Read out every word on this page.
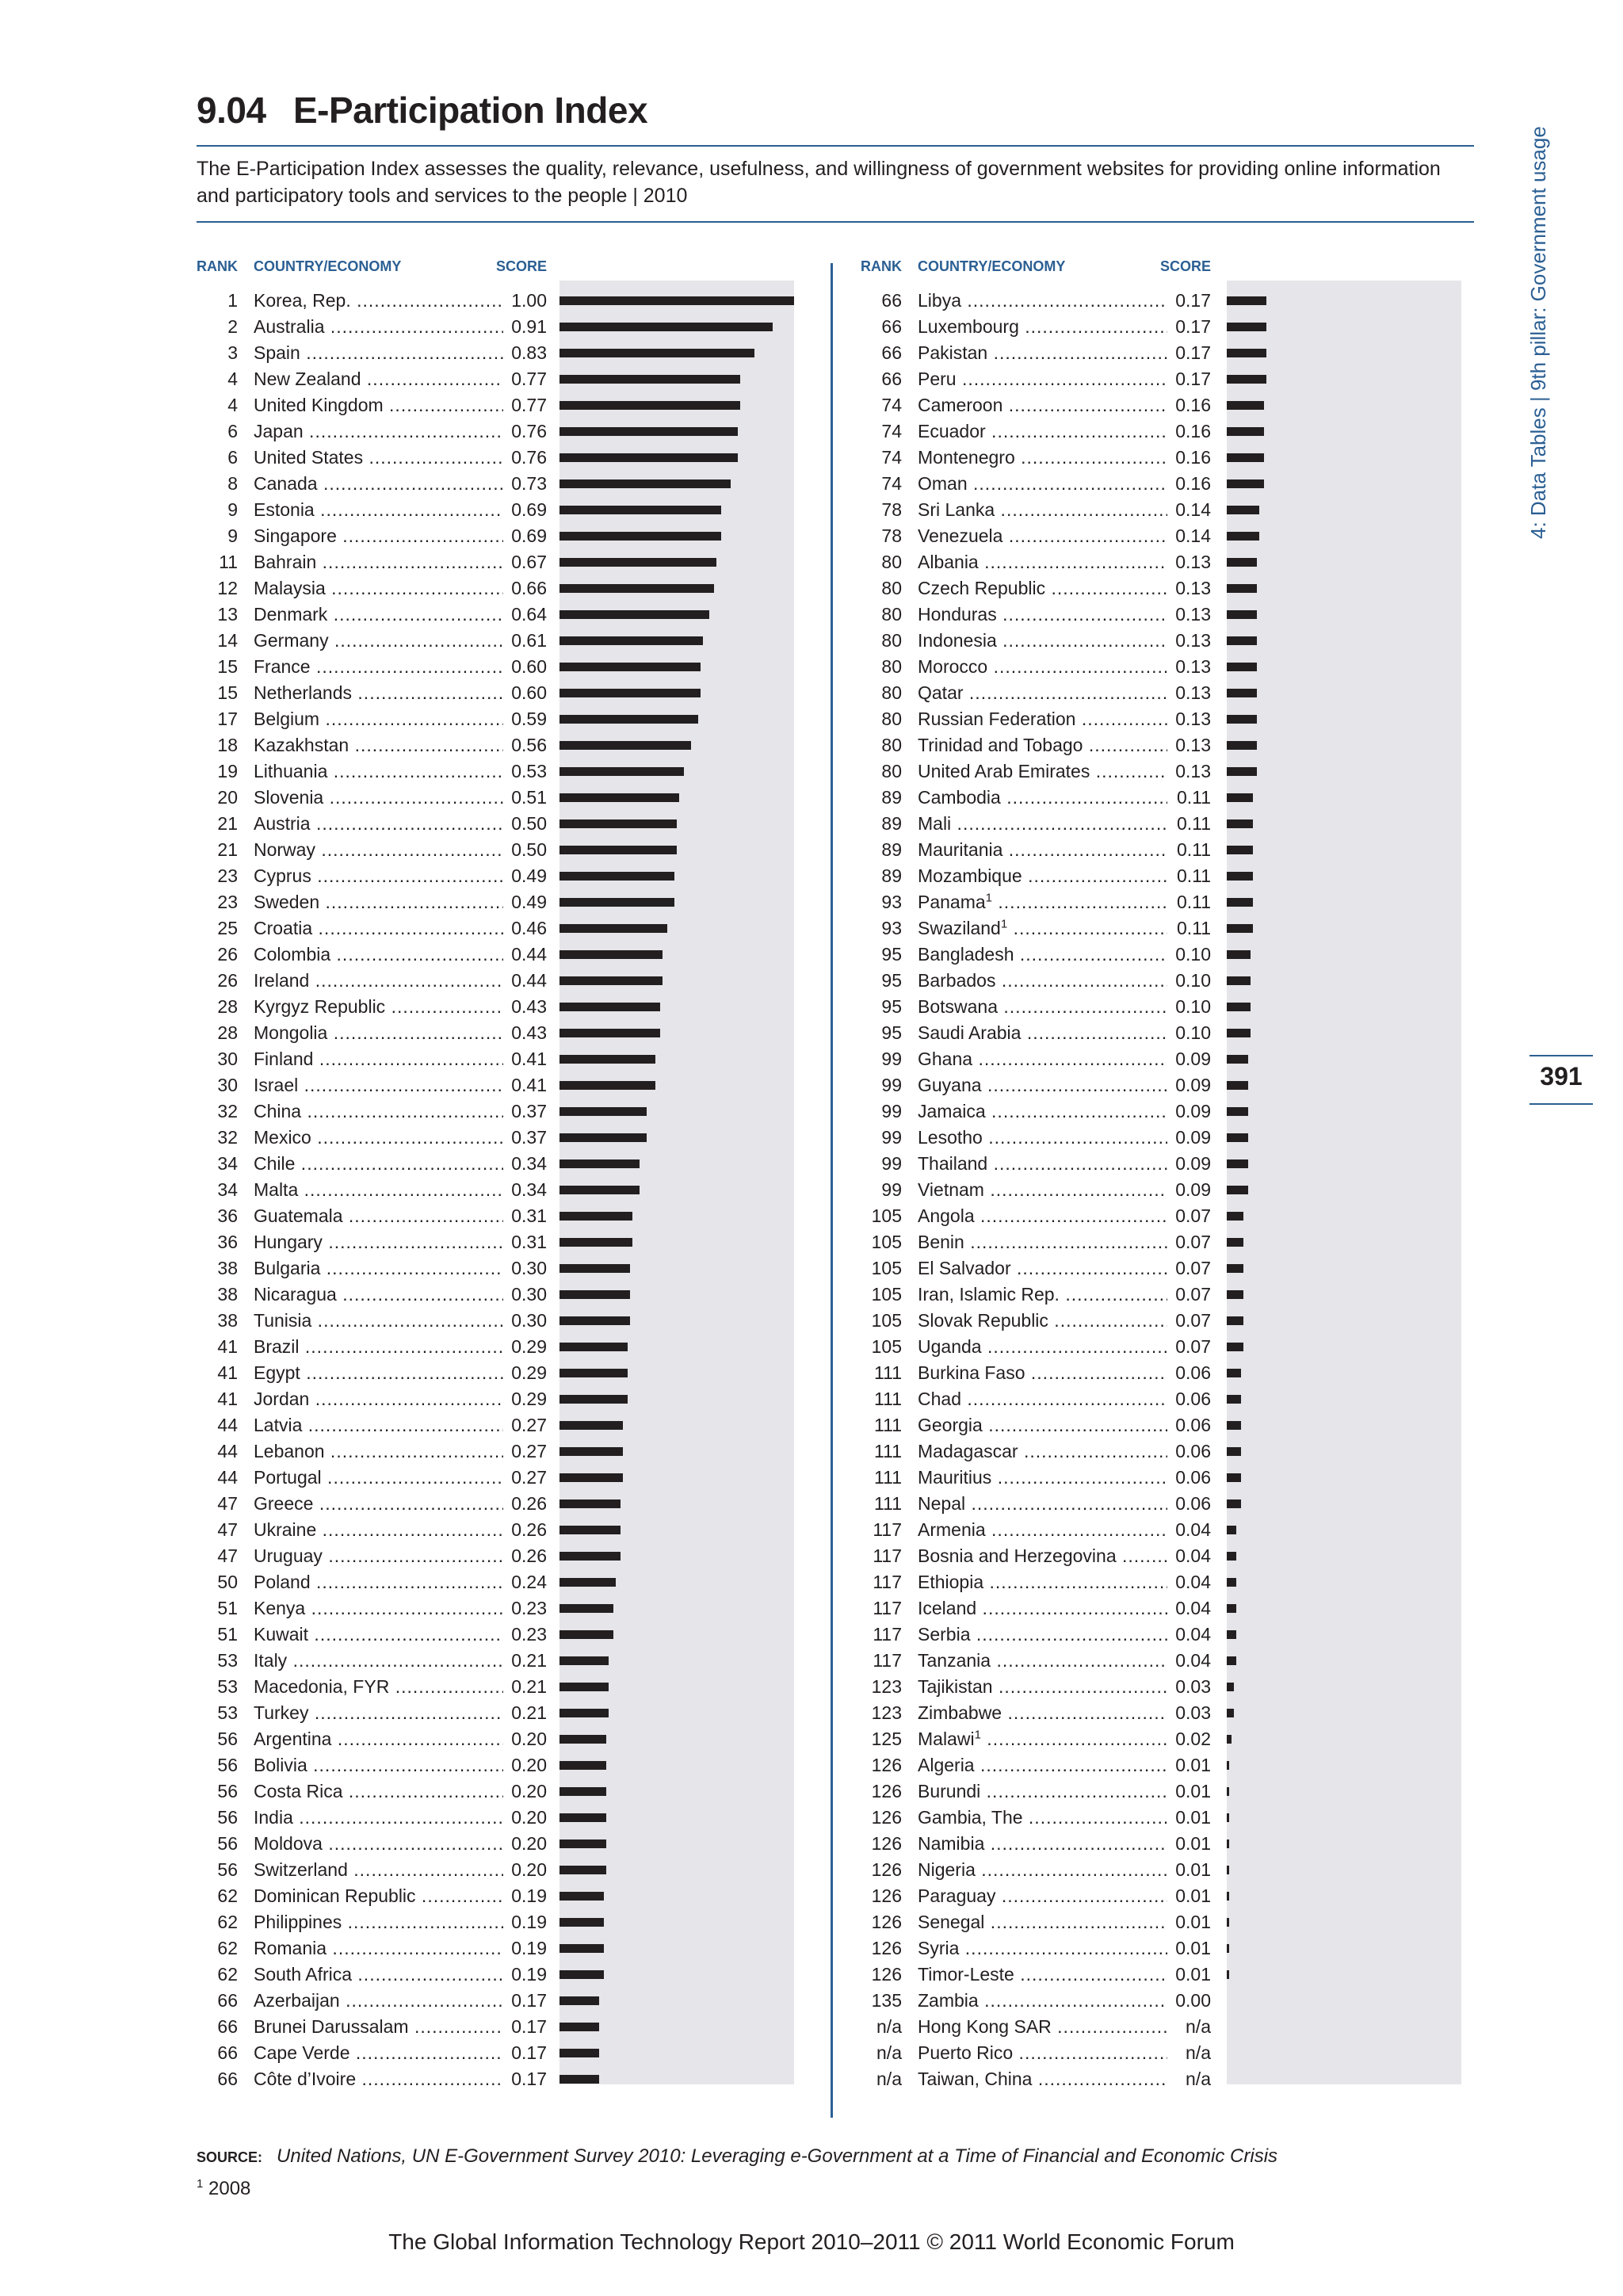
9.04 E-Participation Index

The E-Participation Index assesses the quality, relevance, usefulness, and willingness of government websites for providing online information and participatory tools and services to the people | 2010

RANK COUNTRY/ECONOMY	SCORE
1 Korea, Rep. .....	1.00
2 Australia .....	0.91
3 Spain .....	0.83
4 New Zealand .....	0.77
4 United Kingdom .....	0.77
6 Japan .....	0.76
6 United States .....	0.76
8 Canada .....	0.73
9 Estonia .....	0.69
9 Singapore .....	0.69
11 Bahrain .....	0.67
12 Malaysia .....	0.66
13 Denmark .....	0.64
14 Germany .....	0.61
15 France .....	0.60
15 Netherlands .....	0.60
17 Belgium .....	0.59
18 Kazakhstan .....	0.56
19 Lithuania .....	0.53
20 Slovenia .....	0.51
21 Austria .....	0.50
21 Norway .....	0.50
23 Cyprus .....	0.49
23 Sweden .....	0.49
25 Croatia .....	0.46
26 Colombia .....	0.44
26 Ireland .....	0.44
28 Kyrgyz Republic .....	0.43
28 Mongolia .....	0.43
30 Finland .....	0.41
30 Israel .....	0.41
32 China .....	0.37
32 Mexico .....	0.37
34 Chile .....	0.34
34 Malta .....	0.34
36 Guatemala .....	0.31
36 Hungary .....	0.31
38 Bulgaria .....	0.30
38 Nicaragua .....	0.30
38 Tunisia .....	0.30
41 Brazil .....	0.29
41 Egypt .....	0.29
41 Jordan .....	0.29
44 Latvia .....	0.27
44 Lebanon .....	0.27
44 Portugal .....	0.27
47 Greece .....	0.26
47 Ukraine .....	0.26
47 Uruguay .....	0.26
50 Poland .....	0.24
51 Kenya .....	0.23
51 Kuwait .....	0.23
53 Italy .....	0.21
53 Macedonia, FYR .....	0.21
53 Turkey .....	0.21
56 Argentina .....	0.20
56 Bolivia .....	0.20
56 Costa Rica .....	0.20
56 India .....	0.20
56 Moldova .....	0.20
56 Switzerland .....	0.20
62 Dominican Republic .....	0.19
62 Philippines .....	0.19
62 Romania .....	0.19
62 South Africa .....	0.19
66 Azerbaijan .....	0.17
66 Brunei Darussalam .....	0.17
66 Cape Verde .....	0.17
66 Côte d’Ivoire .....	0.17
RANK COUNTRY/ECONOMY	SCORE
66 Libya .....	0.17
66 Luxembourg .....	0.17
66 Pakistan .....	0.17
66 Peru .....	0.17
74 Cameroon .....	0.16
74 Ecuador .....	0.16
74 Montenegro .....	0.16
74 Oman .....	0.16
78 Sri Lanka .....	0.14
78 Venezuela .....	0.14
80 Albania .....	0.13
80 Czech Republic .....	0.13
80 Honduras .....	0.13
80 Indonesia .....	0.13
80 Morocco .....	0.13
80 Qatar .....	0.13
80 Russian Federation .....	0.13
80 Trinidad and Tobago .....	0.13
80 United Arab Emirates .....	0.13
89 Cambodia .....	0.11
89 Mali .....	0.11
89 Mauritania .....	0.11
89 Mozambique .....	0.11
93 Panama$^1$ .....	0.11
93 Swaziland$^1$ .....	0.11
95 Bangladesh .....	0.10
95 Barbados .....	0.10
95 Botswana .....	0.10
95 Saudi Arabia .....	0.10
99 Ghana .....	0.09
99 Guyana .....	0.09
99 Jamaica .....	0.09
99 Lesotho .....	0.09
99 Thailand .....	0.09
99 Vietnam .....	0.09
105 Angola .....	0.07
105 Benin .....	0.07
105 El Salvador .....	0.07
105 Iran, Islamic Rep. .....	0.07
105 Slovak Republic .....	0.07
105 Uganda .....	0.07
111 Burkina Faso .....	0.06
111 Chad .....	0.06
111 Georgia .....	0.06
111 Madagascar .....	0.06
111 Mauritius .....	0.06
111 Nepal .....	0.06
117 Armenia .....	0.04
117 Bosnia and Herzegovina .....	0.04
117 Ethiopia .....	0.04
117 Iceland .....	0.04
117 Serbia .....	0.04
117 Tanzania .....	0.04
123 Tajikistan .....	0.03
123 Zimbabwe .....	0.03
125 Malawi$^1$ .....	0.02
126 Algeria .....	0.01
126 Burundi .....	0.01
126 Gambia, The .....	0.01
126 Namibia .....	0.01
126 Nigeria .....	0.01
126 Paraguay .....	0.01
126 Senegal .....	0.01
126 Syria .....	0.01
126 Timor-Leste .....	0.01
135 Zambia .....	0.00
n/a Hong Kong SAR .....	n/a
n/a Puerto Rico .....	n/a
n/a Taiwan, China .....	n/a
4: Data Tables | 9th pillar: Government usage
391
SOURCE: United Nations, UN E-Government Survey 2010: Leveraging e-Government at a Time of Financial and Economic Crisis
$^1$ 2008
The Global Information Technology Report 2010–2011 © 2011 World Economic Forum
